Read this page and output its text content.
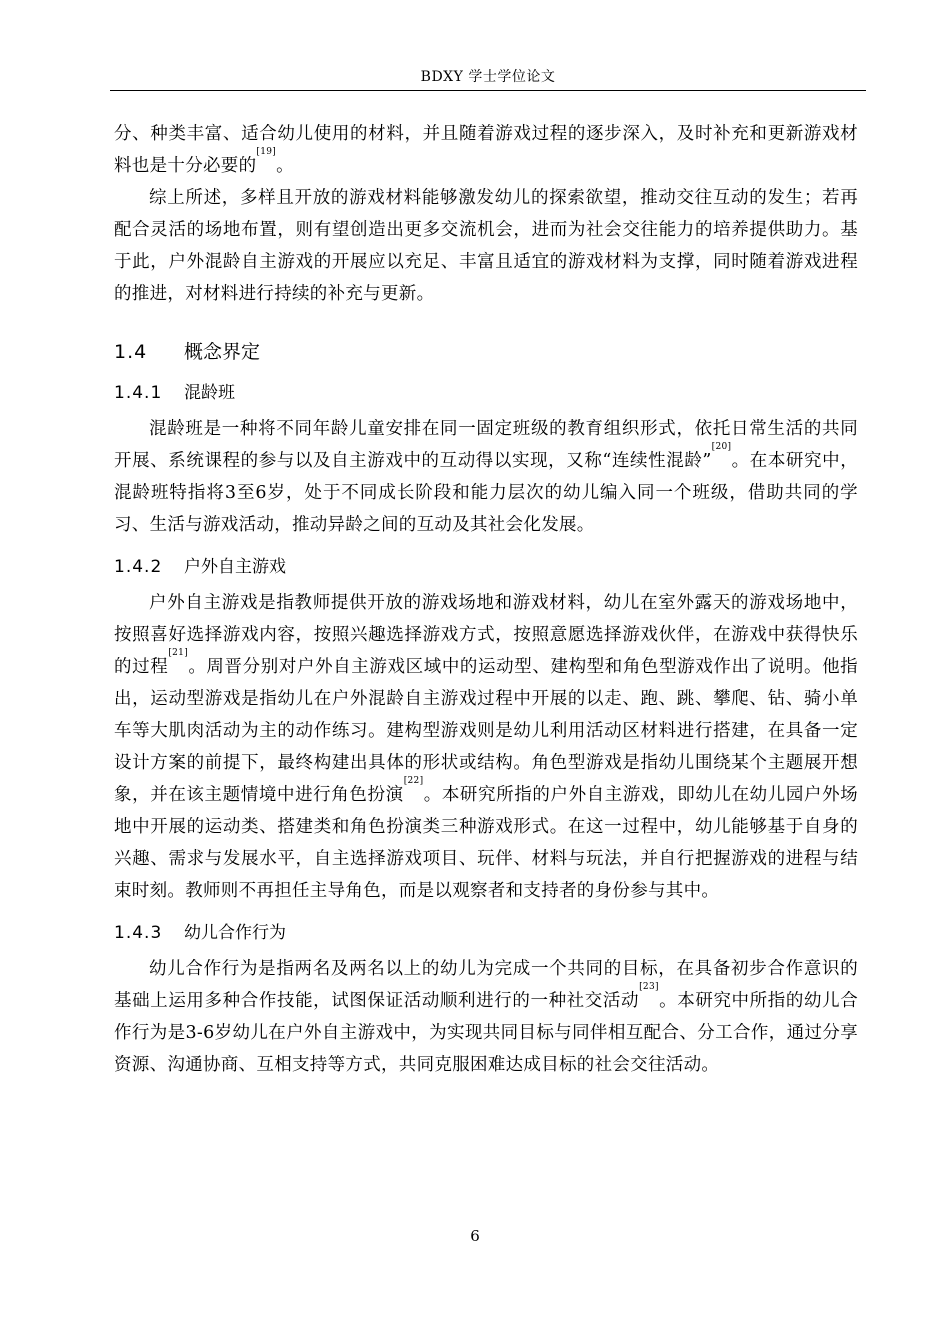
BDXY 学士学位论文

分、种类丰富、适合幼儿使用的材料，并且随着游戏过程的逐步深入，及时补充和更新游戏材料也是十分必要的[19]。

综上所述，多样且开放的游戏材料能够激发幼儿的探索欲望，推动交往互动的发生；若再配合灵活的场地布置，则有望创造出更多交流机会，进而为社会交往能力的培养提供助力。基于此，户外混龄自主游戏的开展应以充足、丰富且适宜的游戏材料为支撑，同时随着游戏进程的推进，对材料进行持续的补充与更新。

1.4 概念界定
1.4.1 混龄班

混龄班是一种将不同年龄儿童安排在同一固定班级的教育组织形式，依托日常生活的共同开展、系统课程的参与以及自主游戏中的互动得以实现，又称“连续性混龄”[20]。在本研究中，混龄班特指将3至6岁，处于不同成长阶段和能力层次的幼儿编入同一个班级，借助共同的学习、生活与游戏活动，推动异龄之间的互动及其社会化发展。

1.4.2 户外自主游戏

户外自主游戏是指教师提供开放的游戏场地和游戏材料，幼儿在室外露天的游戏场地中，按照喜好选择游戏内容，按照兴趣选择游戏方式，按照意愿选择游戏伙伴，在游戏中获得快乐的过程[21]。周晋分别对户外自主游戏区域中的运动型、建构型和角色型游戏作出了说明。他指出，运动型游戏是指幼儿在户外混龄自主游戏过程中开展的以走、跑、跳、攀爬、钻、骑小单车等大肌肉活动为主的动作练习。建构型游戏则是幼儿利用活动区材料进行搭建，在具备一定设计方案的前提下，最终构建出具体的形状或结构。角色型游戏是指幼儿围绕某个主题展开想象，并在该主题情境中进行角色扮演[22]。本研究所指的户外自主游戏，即幼儿在幼儿园户外场地中开展的运动类、搭建类和角色扮演类三种游戏形式。在这一过程中，幼儿能够基于自身的兴趣、需求与发展水平，自主选择游戏项目、玩伴、材料与玩法，并自行把握游戏的进程与结束时刻。教师则不再担任主导角色，而是以观察者和支持者的身份参与其中。

1.4.3 幼儿合作行为

幼儿合作行为是指两名及两名以上的幼儿为完成一个共同的目标，在具备初步合作意识的基础上运用多种合作技能，试图保证活动顺利进行的一种社交活动[23]。本研究中所指的幼儿合作行为是3-6岁幼儿在户外自主游戏中，为实现共同目标与同伴相互配合、分工合作，通过分享资源、沟通协商、互相支持等方式，共同克服困难达成目标的社会交往活动。

6
